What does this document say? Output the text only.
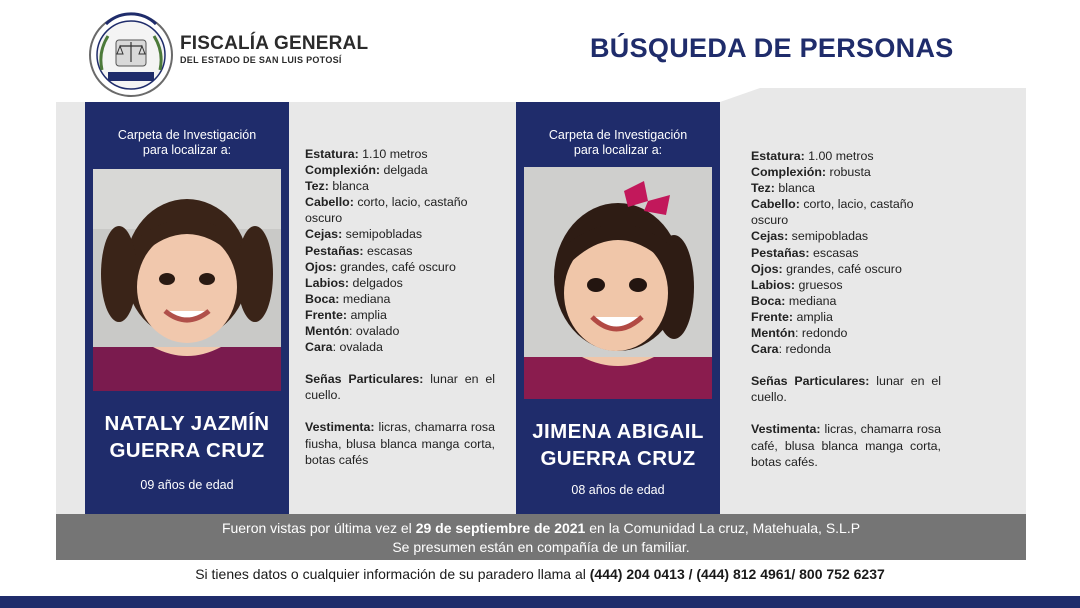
FISCALÍA GENERAL
DEL ESTADO DE SAN LUIS POTOSÍ	BÚSQUEDA DE PERSONAS
Carpeta de Investigación
para localizar a:
NATALY JAZMÍN
GUERRA CRUZ
09 años de edad
Estatura: 1.10 metros
Complexión: delgada
Tez: blanca
Cabello: corto, lacio, castaño oscuro
Cejas: semipobladas
Pestañas: escasas
Ojos: grandes, café oscuro
Labios: delgados
Boca: mediana
Frente: amplia
Mentón: ovalado
Cara: ovalada
Señas Particulares: lunar en el cuello.
Vestimenta: licras, chamarra rosa fiusha, blusa blanca manga corta, botas cafés
Carpeta de Investigación
para localizar a:
JIMENA ABIGAIL
GUERRA CRUZ
08 años de edad
Estatura: 1.00 metros
Complexión: robusta
Tez: blanca
Cabello: corto, lacio, castaño oscuro
Cejas: semipobladas
Pestañas: escasas
Ojos: grandes, café oscuro
Labios: gruesos
Boca: mediana
Frente: amplia
Mentón: redondo
Cara: redonda
Señas Particulares: lunar en el cuello.
Vestimenta: licras, chamarra rosa café, blusa blanca manga corta, botas cafés.
Fueron vistas por última vez el 29 de septiembre de 2021 en la Comunidad La cruz, Matehuala, S.L.P
Se presumen están en compañía de un familiar.
Si tienes datos o cualquier información de su paradero llama al (444) 204 0413 / (444) 812 4961/ 800 752 6237
